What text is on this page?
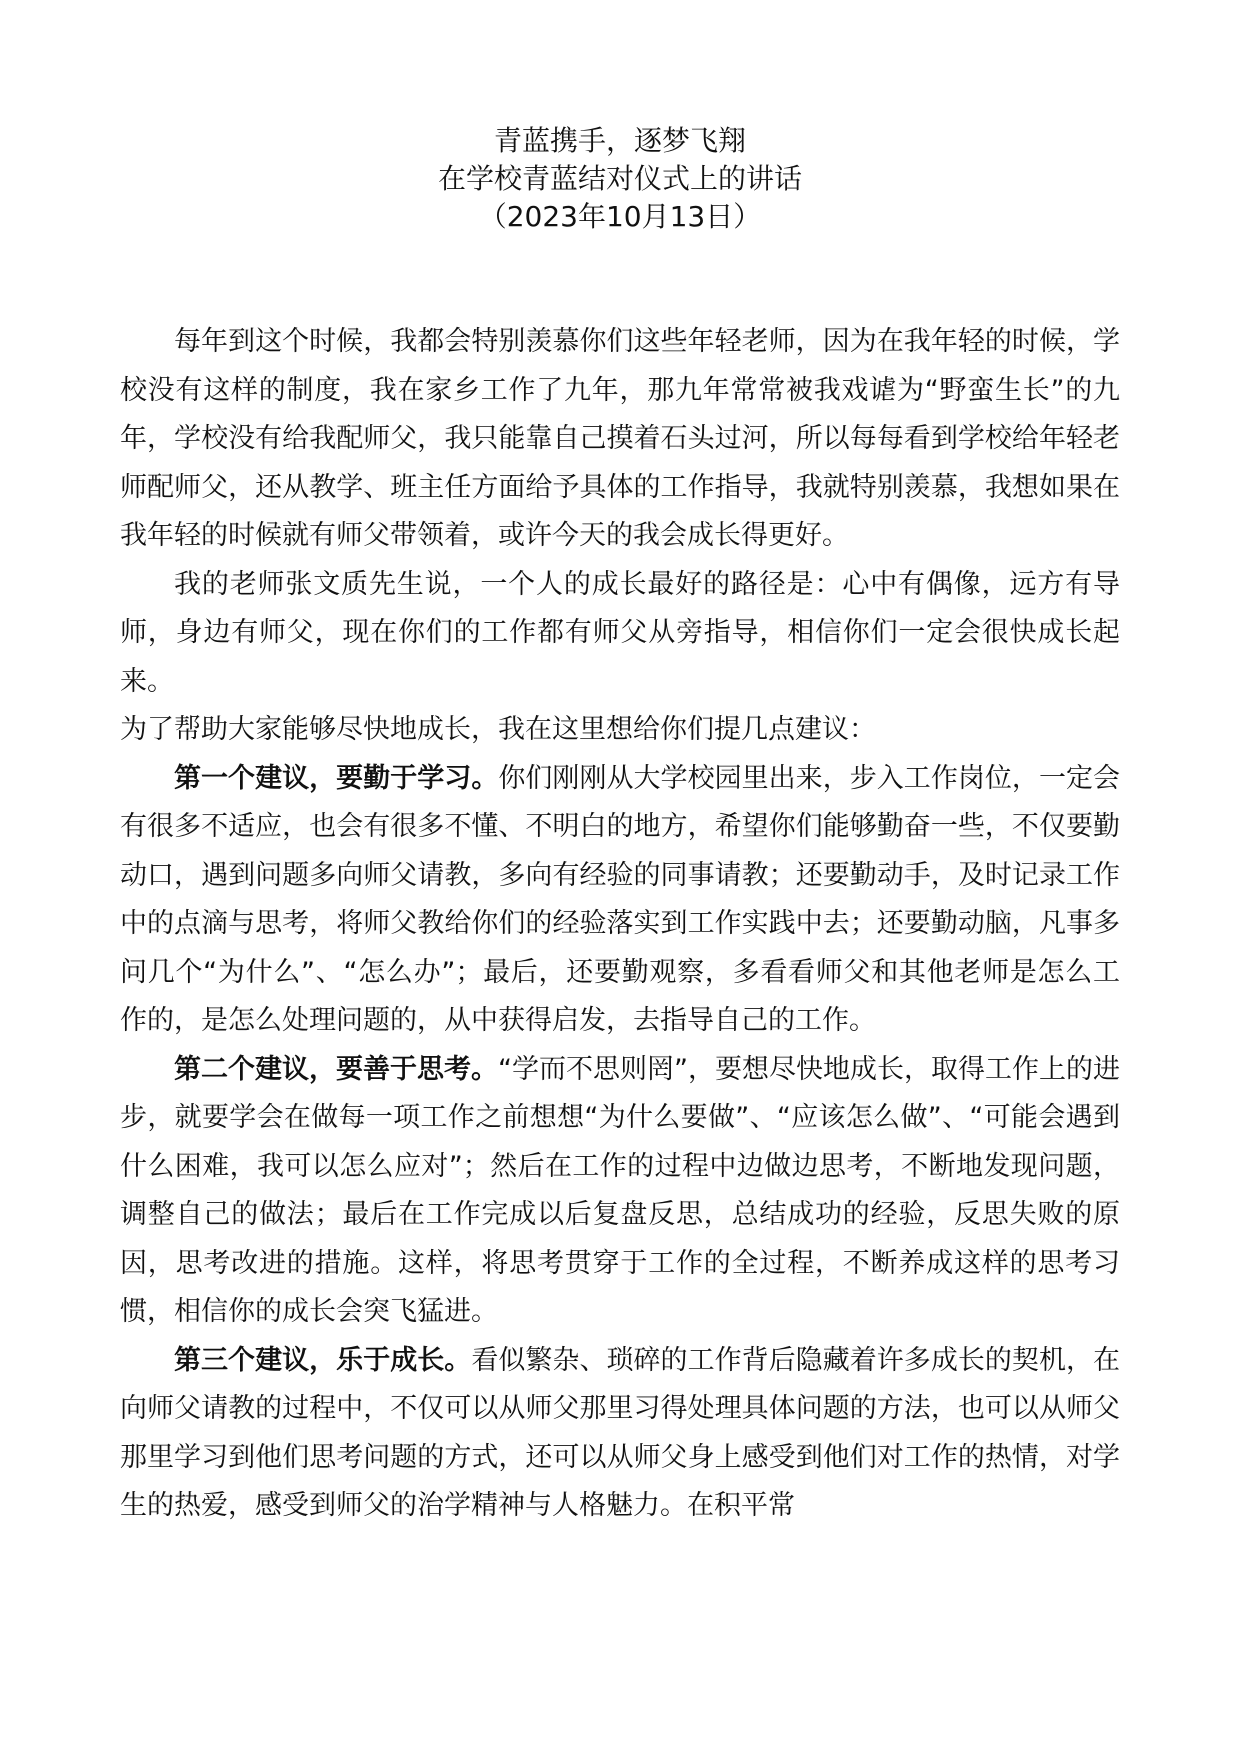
青蓝携手，逐梦飞翔

在学校青蓝结对仪式上的讲话

（2023年10月13日）

每年到这个时候，我都会特别羡慕你们这些年轻老师，因为在我年轻的时候，学校没有这样的制度，我在家乡工作了九年，那九年常常被我戏谑为“野蛮生长”的九年，学校没有给我配师父，我只能靠自己摸着石头过河，所以每每看到学校给年轻老师配师父，还从教学、班主任方面给予具体的工作指导，我就特别羡慕，我想如果在我年轻的时候就有师父带领着，或许今天的我会成长得更好。

我的老师张文质先生说，一个人的成长最好的路径是：心中有偶像，远方有导师，身边有师父，现在你们的工作都有师父从旁指导，相信你们一定会很快成长起来。

为了帮助大家能够尽快地成长，我在这里想给你们提几点建议：

第一个建议，要勤于学习。你们刚刚从大学校园里出来，步入工作岗位，一定会有很多不适应，也会有很多不懂、不明白的地方，希望你们能够勤奋一些，不仅要勤动口，遇到问题多向师父请教，多向有经验的同事请教；还要勤动手，及时记录工作中的点滴与思考，将师父教给你们的经验落实到工作实践中去；还要勤动脑，凡事多问几个“为什么”、“怎么办”；最后，还要勤观察，多看看师父和其他老师是怎么工作的，是怎么处理问题的，从中获得启发，去指导自己的工作。

第二个建议，要善于思考。“学而不思则罔”，要想尽快地成长，取得工作上的进步，就要学会在做每一项工作之前想想“为什么要做”、“应该怎么做”、“可能会遇到什么困难，我可以怎么应对”；然后在工作的过程中边做边思考，不断地发现问题，调整自己的做法；最后在工作完成以后复盘反思，总结成功的经验，反思失败的原因，思考改进的措施。这样，将思考贯穿于工作的全过程，不断养成这样的思考习惯，相信你的成长会突飞猛进。

第三个建议，乐于成长。看似繁杂、琐碎的工作背后隐藏着许多成长的契机，在向师父请教的过程中，不仅可以从师父那里习得处理具体问题的方法，也可以从师父那里学习到他们思考问题的方式，还可以从师父身上感受到他们对工作的热情，对学生的热爱，感受到师父的治学精神与人格魅力。在积平常
